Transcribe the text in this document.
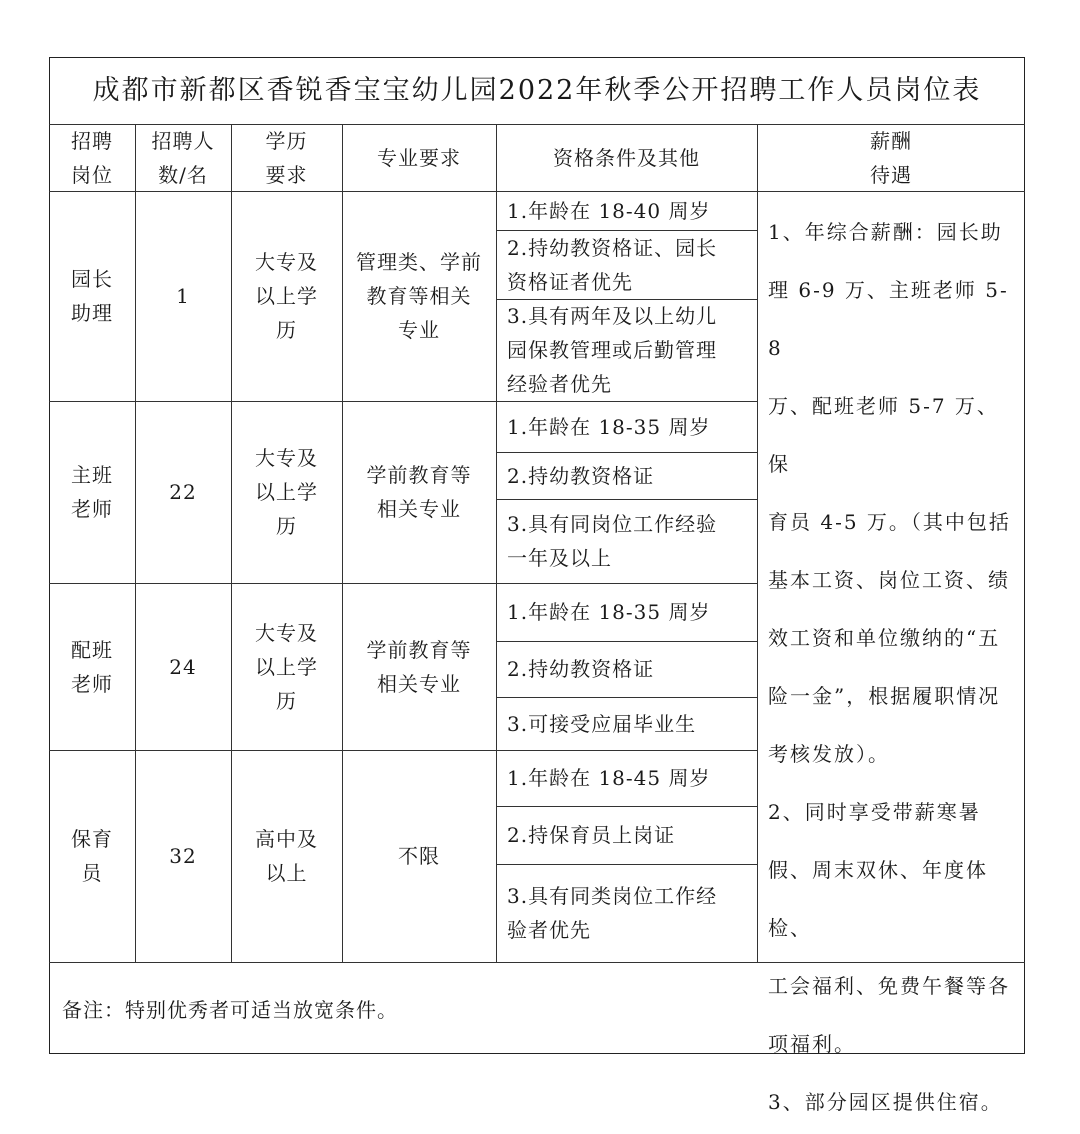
成都市新都区香锐香宝宝幼儿园2022年秋季公开招聘工作人员岗位表
招聘
岗位
招聘人
数/名
学历
要求
专业要求	资格条件及其他
薪酬
待遇
园长
助理
1
大专及
以上学
历
管理类、学前
教育等相关
专业
1.年龄在 18-40 周岁
2.持幼教资格证、园长
资格证者优先
3.具有两年及以上幼儿
园保教管理或后勤管理
经验者优先
主班
老师
22
大专及
以上学
历
学前教育等
相关专业
1.年龄在 18-35 周岁
2.持幼教资格证
3.具有同岗位工作经验
一年及以上
配班
老师
24
大专及
以上学
历
学前教育等
相关专业
1.年龄在 18-35 周岁
2.持幼教资格证
3.可接受应届毕业生
保育
员
32
高中及
以上
不限
1.年龄在 18-45 周岁
2.持保育员上岗证
3.具有同类岗位工作经
验者优先
1、年综合薪酬：园长助
理 6-9 万、主班老师 5-8
万、配班老师 5-7 万、保
育员 4-5 万。（其中包括
基本工资、岗位工资、绩
效工资和单位缴纳的“五
险一金”，根据履职情况
考核发放）。
2、同时享受带薪寒暑
假、周末双休、年度体检、
工会福利、免费午餐等各
项福利。
3、部分园区提供住宿。
备注：特别优秀者可适当放宽条件。
